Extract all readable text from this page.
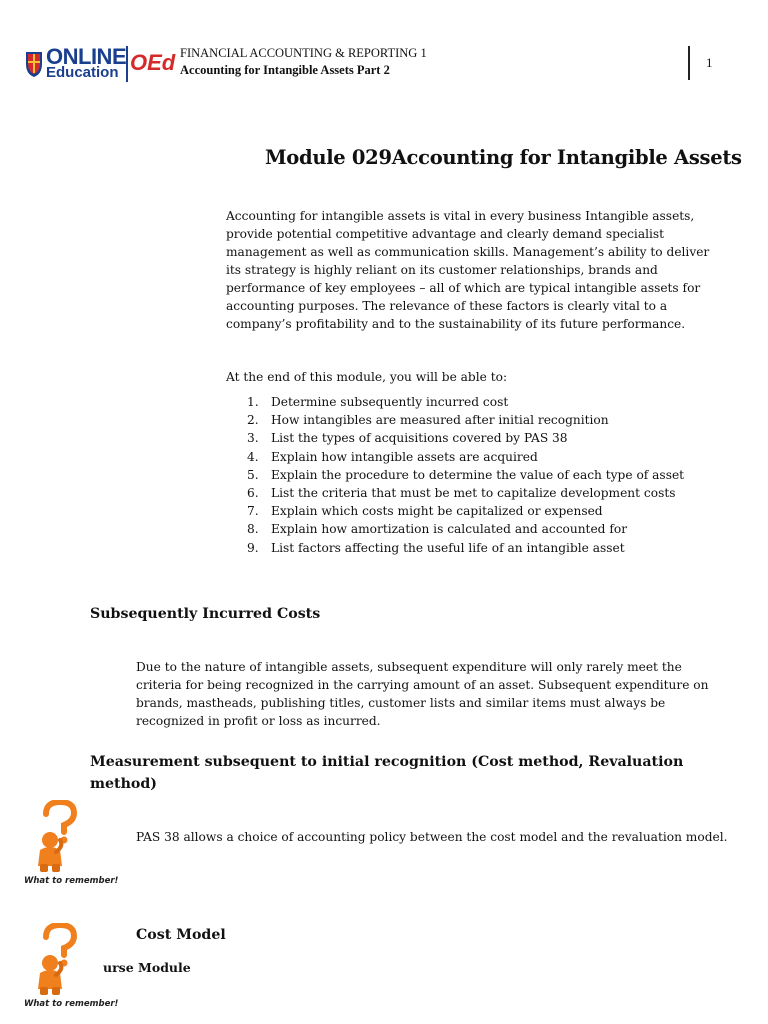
ONLINE
Education OEd FINANCIAL ACCOUNTING & REPORTING 1
Accounting for Intangible Assets Part 2	1
Module 029Accounting for Intangible Assets
Accounting for intangible assets is vital in every business Intangible assets, provide potential competitive advantage and clearly demand specialist management as well as communication skills. Management’s ability to deliver its strategy is highly reliant on its customer relationships, brands and performance of key employees – all of which are typical intangible assets for accounting purposes. The relevance of these factors is clearly vital to a company’s profitability and to the sustainability of its future performance.
At the end of this module, you will be able to:
1.	Determine subsequently incurred cost
2.	How intangibles are measured after initial recognition
3.	List the types of acquisitions covered by PAS 38
4.	Explain how intangible assets are acquired
5.	Explain the procedure to determine the value of each type of asset
6.	List the criteria that must be met to capitalize development costs
7.	Explain which costs might be capitalized or expensed
8.	Explain how amortization is calculated and accounted for
9.	List factors affecting the useful life of an intangible asset
Subsequently Incurred Costs
Due to the nature of intangible assets, subsequent expenditure will only rarely meet the criteria for being recognized in the carrying amount of an asset. Subsequent expenditure on brands, mastheads, publishing titles, customer lists and similar items must always be recognized in profit or loss as incurred.
Measurement subsequent to initial recognition (Cost method, Revaluation method)
What to remember!
PAS 38 allows a choice of accounting policy between the cost model and the revaluation model.
What to remember!
Cost Model
urse Module
